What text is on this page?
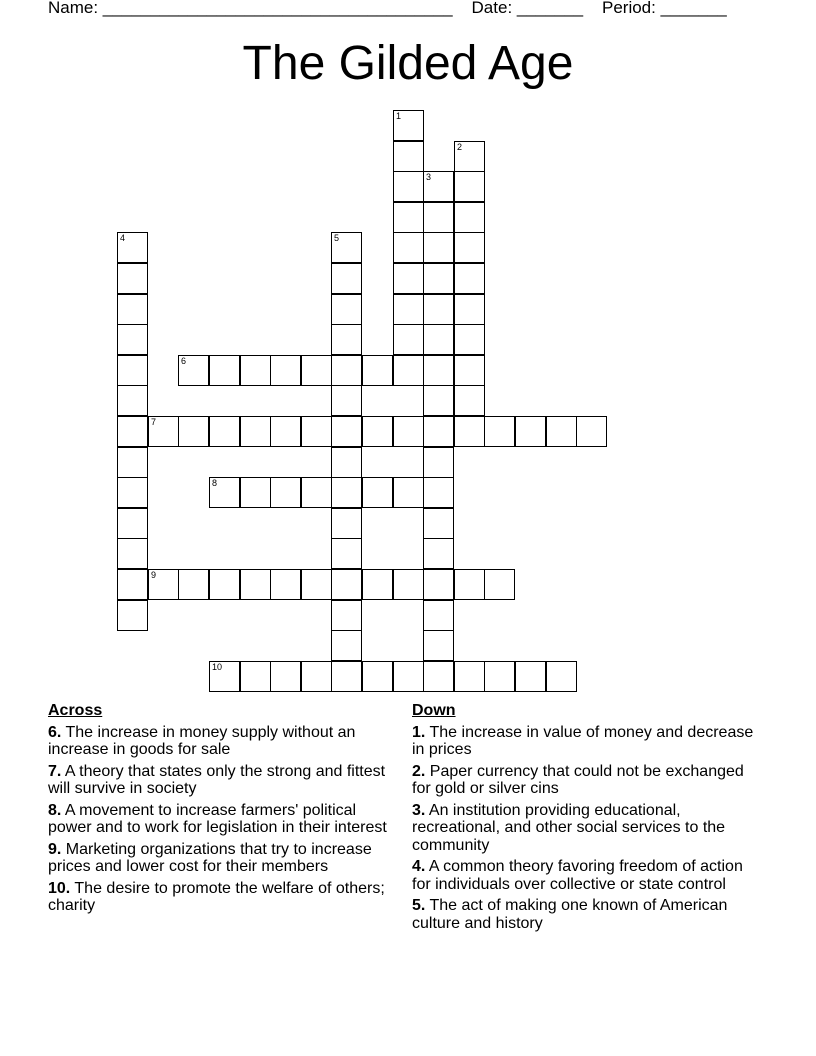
Name: _____________________________________ Date: _______ Period: _______
The Gilded Age
1
2
3
4	5
6
7
8
9
10
Across
6. The increase in money supply without an increase in goods for sale
7. A theory that states only the strong and fittest will survive in society
8. A movement to increase farmers' political power and to work for legislation in their interest
9. Marketing organizations that try to increase prices and lower cost for their members
10. The desire to promote the welfare of others; charity
Down
1. The increase in value of money and decrease in prices
2. Paper currency that could not be exchanged for gold or silver cins
3. An institution providing educational, recreational, and other social services to the community
4. A common theory favoring freedom of action for individuals over collective or state control
5. The act of making one known of American culture and history
